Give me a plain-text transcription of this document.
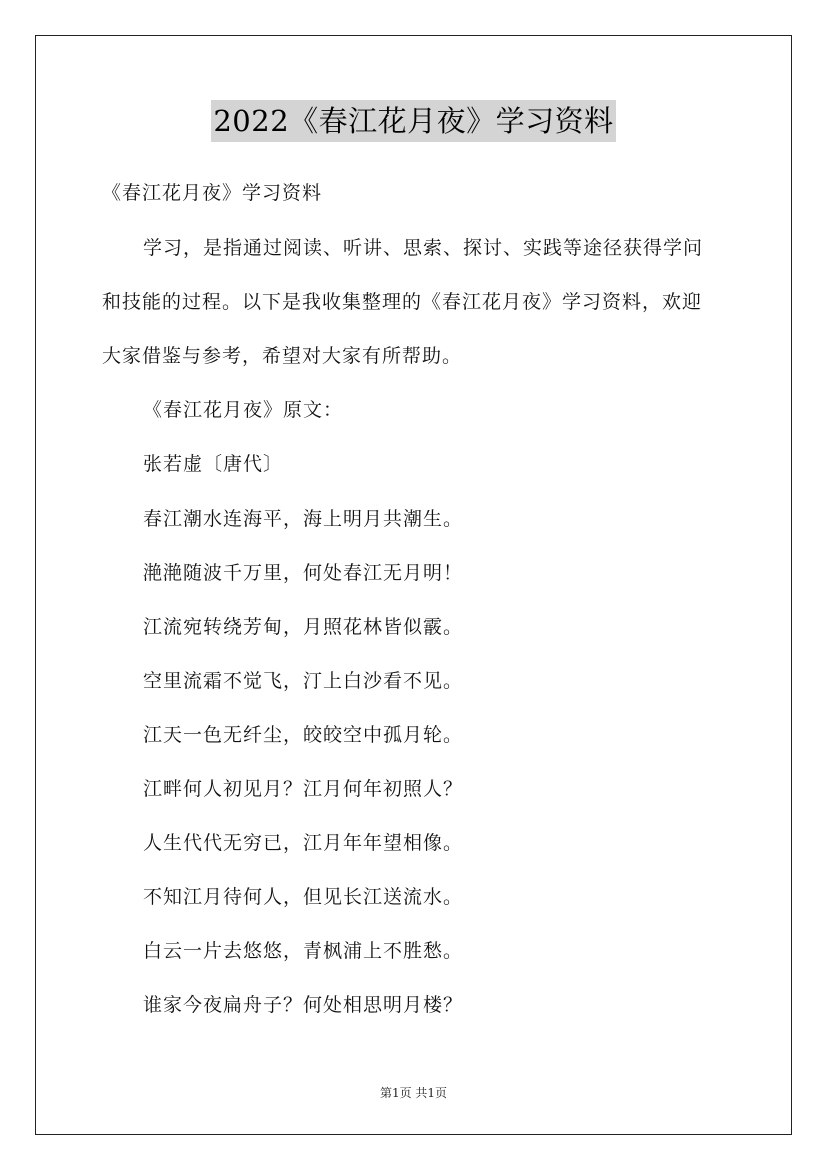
2022《春江花月夜》学习资料
《春江花月夜》学习资料
学习，是指通过阅读、听讲、思索、探讨、实践等途径获得学问
和技能的过程。以下是我收集整理的《春江花月夜》学习资料，欢迎
大家借鉴与参考，希望对大家有所帮助。
《春江花月夜》原文：
张若虚〔唐代〕
春江潮水连海平，海上明月共潮生。
滟滟随波千万里，何处春江无月明！
江流宛转绕芳甸，月照花林皆似霰。
空里流霜不觉飞，汀上白沙看不见。
江天一色无纤尘，皎皎空中孤月轮。
江畔何人初见月？江月何年初照人？
人生代代无穷已，江月年年望相像。
不知江月待何人，但见长江送流水。
白云一片去悠悠，青枫浦上不胜愁。
谁家今夜扁舟子？何处相思明月楼？
第1页 共1页
